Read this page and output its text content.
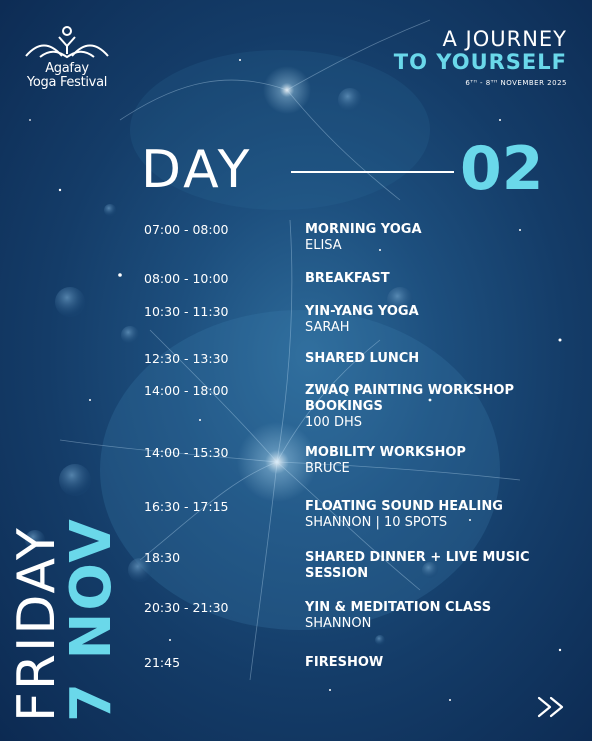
Agafay
Yoga Festival
A JOURNEY
TO YOURSELF
6ᵀᴴ - 8ᵀᴴ NOVEMBER 2025
DAY	02
07:00 - 08:00	MORNING YOGA
ELISA
08:00 - 10:00	BREAKFAST
10:30 - 11:30	YIN-YANG YOGA
SARAH
12:30 - 13:30	SHARED LUNCH
14:00 - 18:00	ZWAQ PAINTING WORKSHOP BOOKINGS
100 DHS
14:00 - 15:30	MOBILITY WORKSHOP
BRUCE
16:30 - 17:15	FLOATING SOUND HEALING
SHANNON | 10 SPOTS
18:30	SHARED DINNER + LIVE MUSIC SESSION
20:30 - 21:30	YIN & MEDITATION CLASS
SHANNON
21:45	FIRESHOW
FRIDAY
7 NOV
